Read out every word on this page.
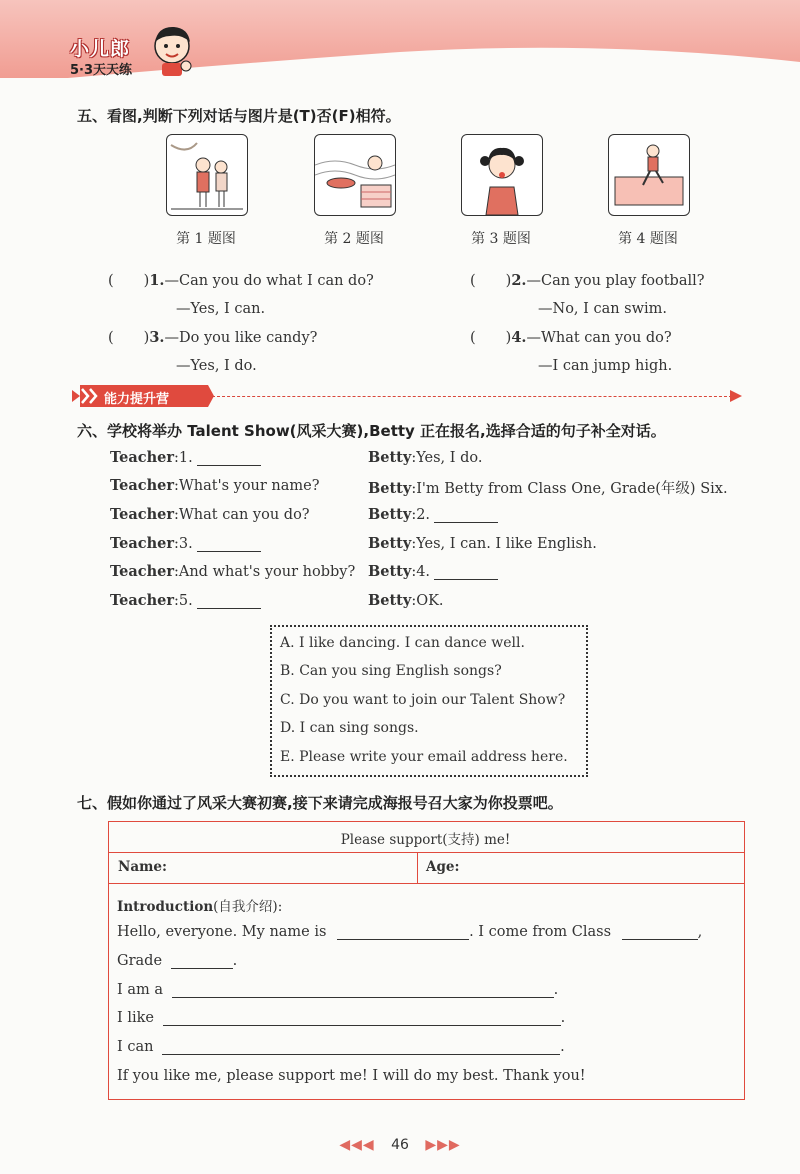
小儿郎
5·3天天练
五、看图,判断下列对话与图片是(T)否(F)相符。
第 1 题图	第 2 题图	第 3 题图	第 4 题图
( )1.—Can you do what I can do?
—Yes, I can.
( )2.—Can you play football?
—No, I can swim.
( )3.—Do you like candy?
—Yes, I do.
( )4.—What can you do?
—I can jump high.
能力提升营
六、学校将举办 Talent Show(风采大赛),Betty 正在报名,选择合适的句子补全对话。
Teacher:1.	Betty:Yes, I do.
Teacher:What's your name?	Betty:I'm Betty from Class One, Grade(年级) Six.
Teacher:What can you do?	Betty:2.
Teacher:3.	Betty:Yes, I can. I like English.
Teacher:And what's your hobby? Betty:4.
Teacher:5.	Betty:OK.
A. I like dancing. I can dance well.
B. Can you sing English songs?
C. Do you want to join our Talent Show?
D. I can sing songs.
E. Please write your email address here.
七、假如你通过了风采大赛初赛,接下来请完成海报号召大家为你投票吧。
Please support(支持) me!
Name:	Age:
Introduction(自我介绍):
Hello, everyone. My name is	. I come from Class	,
Grade	.
I am a	.
I like	.
I can	.
If you like me, please support me! I will do my best. Thank you!
◀◀◀ 46 ▶▶▶
